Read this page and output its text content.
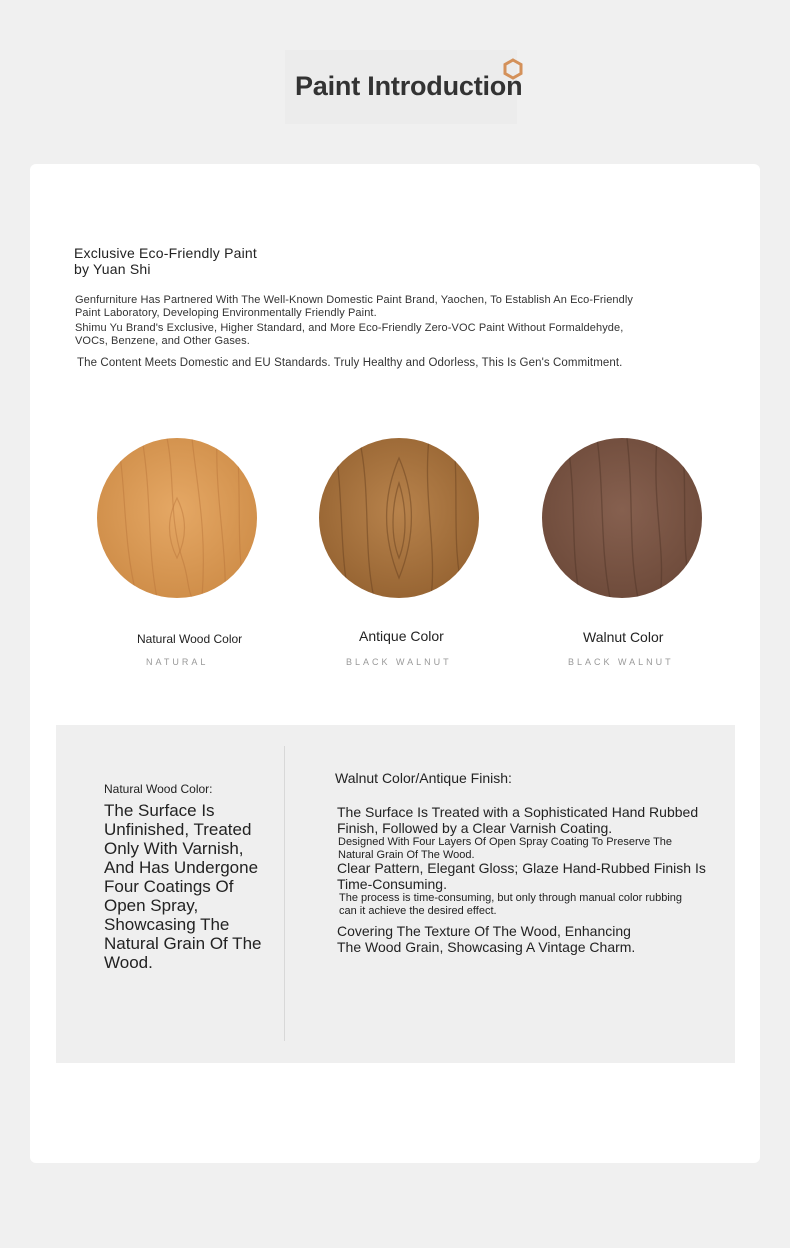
Paint Introduction
Exclusive Eco-Friendly Paint by Yuan Shi

Genfurniture Has Partnered With The Well-Known Domestic Paint Brand, Yaochen, To Establish An Eco-Friendly Paint Laboratory, Developing Environmentally Friendly Paint.

Shimu Yu Brand's Exclusive, Higher Standard, and More Eco-Friendly Zero-VOC Paint Without Formaldehyde, VOCs, Benzene, and Other Gases.

The Content Meets Domestic and EU Standards. Truly Healthy and Odorless, This Is Gen's Commitment.

Natural Wood Color
NATURAL
Antique Color
BLACK WALNUT
Walnut Color
BLACK WALNUT
Natural Wood Color:
The Surface Is Unfinished, Treated Only With Varnish, And Has Undergone Four Coatings Of Open Spray, Showcasing The Natural Grain Of The Wood.
Walnut Color/Antique Finish:
The Surface Is Treated with a Sophisticated Hand Rubbed Finish, Followed by a Clear Varnish Coating.
Designed With Four Layers Of Open Spray Coating To Preserve The Natural Grain Of The Wood.
Clear Pattern, Elegant Gloss; Glaze Hand-Rubbed Finish Is Time-Consuming.
The process is time-consuming, but only through manual color rubbing can it achieve the desired effect.
Covering The Texture Of The Wood, Enhancing The Wood Grain, Showcasing A Vintage Charm.
